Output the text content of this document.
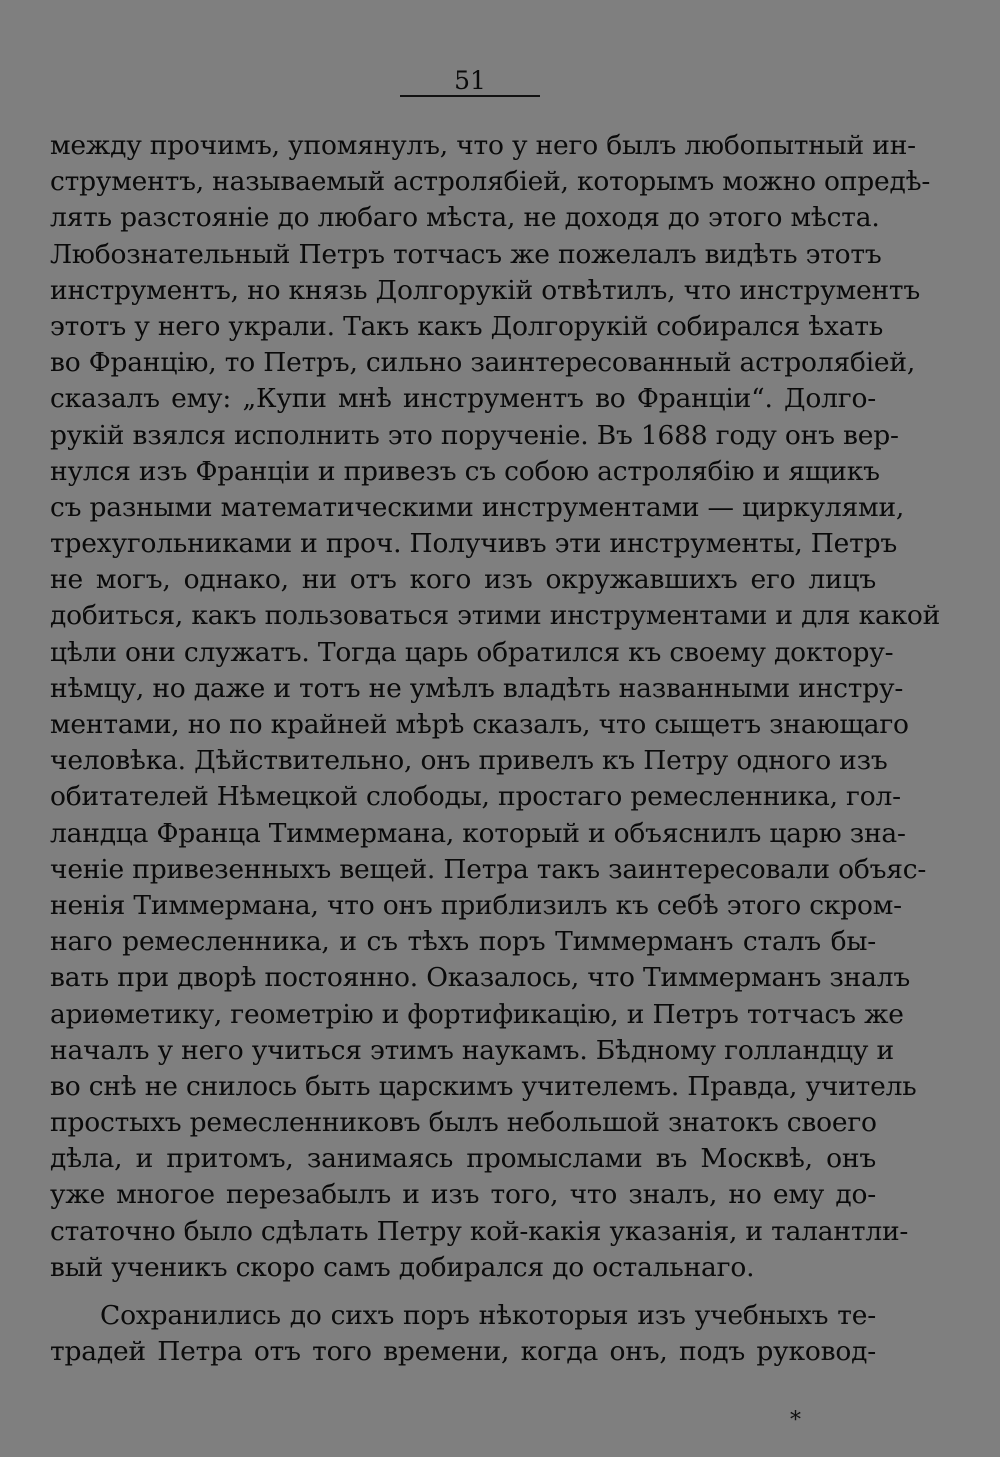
51
между прочимъ, упомянулъ, что у него былъ любопытный ин-
струментъ, называемый астролябіей, которымъ можно опредѣ-
лять разстояніе до любаго мѣста, не доходя до этого мѣста.
Любознательный Петръ тотчасъ же пожелалъ видѣть этотъ
инструментъ, но князь Долгорукій отвѣтилъ, что инструментъ
этотъ у него украли. Такъ какъ Долгорукій собирался ѣхать
во Францію, то Петръ, сильно заинтересованный астролябіей,
сказалъ ему: „Купи мнѣ инструментъ во Франціи“. Долго-
рукій взялся исполнить это порученіе. Въ 1688 году онъ вер-
нулся изъ Франціи и привезъ съ собою астролябію и ящикъ
съ разными математическими инструментами — циркулями,
трехугольниками и проч. Получивъ эти инструменты, Петръ
не могъ, однако, ни отъ кого изъ окружавшихъ его лицъ
добиться, какъ пользоваться этими инструментами и для какой
цѣли они служатъ. Тогда царь обратился къ своему доктору-
нѣмцу, но даже и тотъ не умѣлъ владѣть названными инстру-
ментами, но по крайней мѣрѣ сказалъ, что сыщетъ знающаго
человѣка. Дѣйствительно, онъ привелъ къ Петру одного изъ
обитателей Нѣмецкой слободы, простаго ремесленника, гол-
ландца Франца Тиммермана, который и объяснилъ царю зна-
ченіе привезенныхъ вещей. Петра такъ заинтересовали объяс-
ненія Тиммермана, что онъ приблизилъ къ себѣ этого скром-
наго ремесленника, и съ тѣхъ поръ Тиммерманъ сталъ бы-
вать при дворѣ постоянно. Оказалось, что Тиммерманъ зналъ
ариѳметику, геометрію и фортификацію, и Петръ тотчасъ же
началъ у него учиться этимъ наукамъ. Бѣдному голландцу и
во снѣ не снилось быть царскимъ учителемъ. Правда, учитель
простыхъ ремесленниковъ былъ небольшой знатокъ своего
дѣла, и притомъ, занимаясь промыслами въ Москвѣ, онъ
уже многое перезабылъ и изъ того, что зналъ, но ему до-
статочно было сдѣлать Петру кой-какія указанія, и талантли-
вый ученикъ скоро самъ добирался до остальнаго.
Сохранились до сихъ поръ нѣкоторыя изъ учебныхъ те-
традей Петра отъ того времени, когда онъ, подъ руковод-
*
